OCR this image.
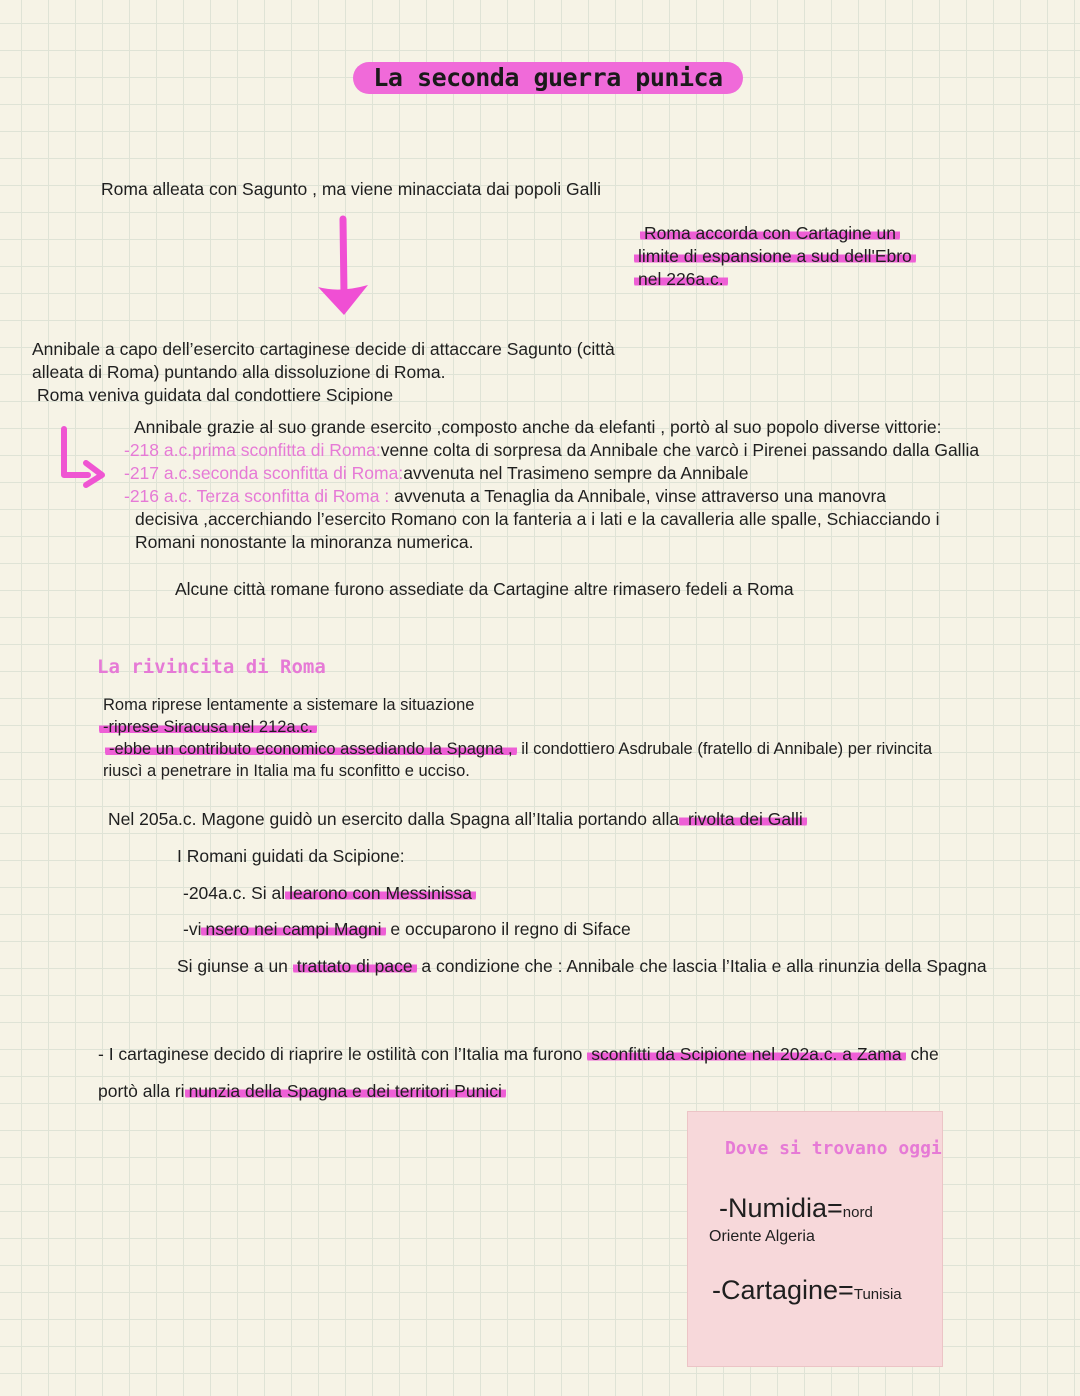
La seconda guerra punica
Roma alleata con Sagunto , ma viene minacciata dai popoli Galli
Roma accorda con Cartagine un
limite di espansione a sud dell'Ebro
nel 226a.c.
Annibale a capo dell’esercito cartaginese decide di attaccare Sagunto (città
alleata di Roma) puntando alla dissoluzione di Roma.
Roma veniva guidata dal condottiere Scipione
Annibale grazie al suo grande esercito ,composto anche da elefanti , portò al suo popolo diverse vittorie:
-218 a.c.prima sconfitta di Roma:venne colta di sorpresa da Annibale che varcò i Pirenei passando dalla Gallia
-217 a.c.seconda sconfitta di Roma:avvenuta nel Trasimeno sempre da Annibale
-216 a.c. Terza sconfitta di Roma : avvenuta a Tenaglia da Annibale, vinse attraverso una manovra
decisiva ,accerchiando l’esercito Romano con la fanteria a i lati e la cavalleria alle spalle, Schiacciando i
Romani nonostante la minoranza numerica.
Alcune città romane furono assediate da Cartagine altre rimasero fedeli a Roma
La rivincita di Roma
Roma riprese lentamente a sistemare la situazione
-riprese Siracusa nel 212a.c.
-ebbe un contributo economico assediando la Spagna , il condottiero Asdrubale (fratello di Annibale) per rivincita
riuscì a penetrare in Italia ma fu sconfitto e ucciso.
Nel 205a.c. Magone guidò un esercito dalla Spagna all’Italia portando alla rivolta dei Galli
I Romani guidati da Scipione:
-204a.c. Si al learono con Messinissa
-vi nsero nei campi Magni e occuparono il regno di Siface
Si giunse a un trattato di pace a condizione che : Annibale che lascia l’Italia e alla rinunzia della Spagna
- I cartaginese decido di riaprire le ostilità con l’Italia ma furono sconfitti da Scipione nel 202a.c. a Zama che
portò alla ri nunzia della Spagna e dei territori Punici
Dove si trovano oggi
-Numidia=nord
Oriente Algeria
-Cartagine=Tunisia
